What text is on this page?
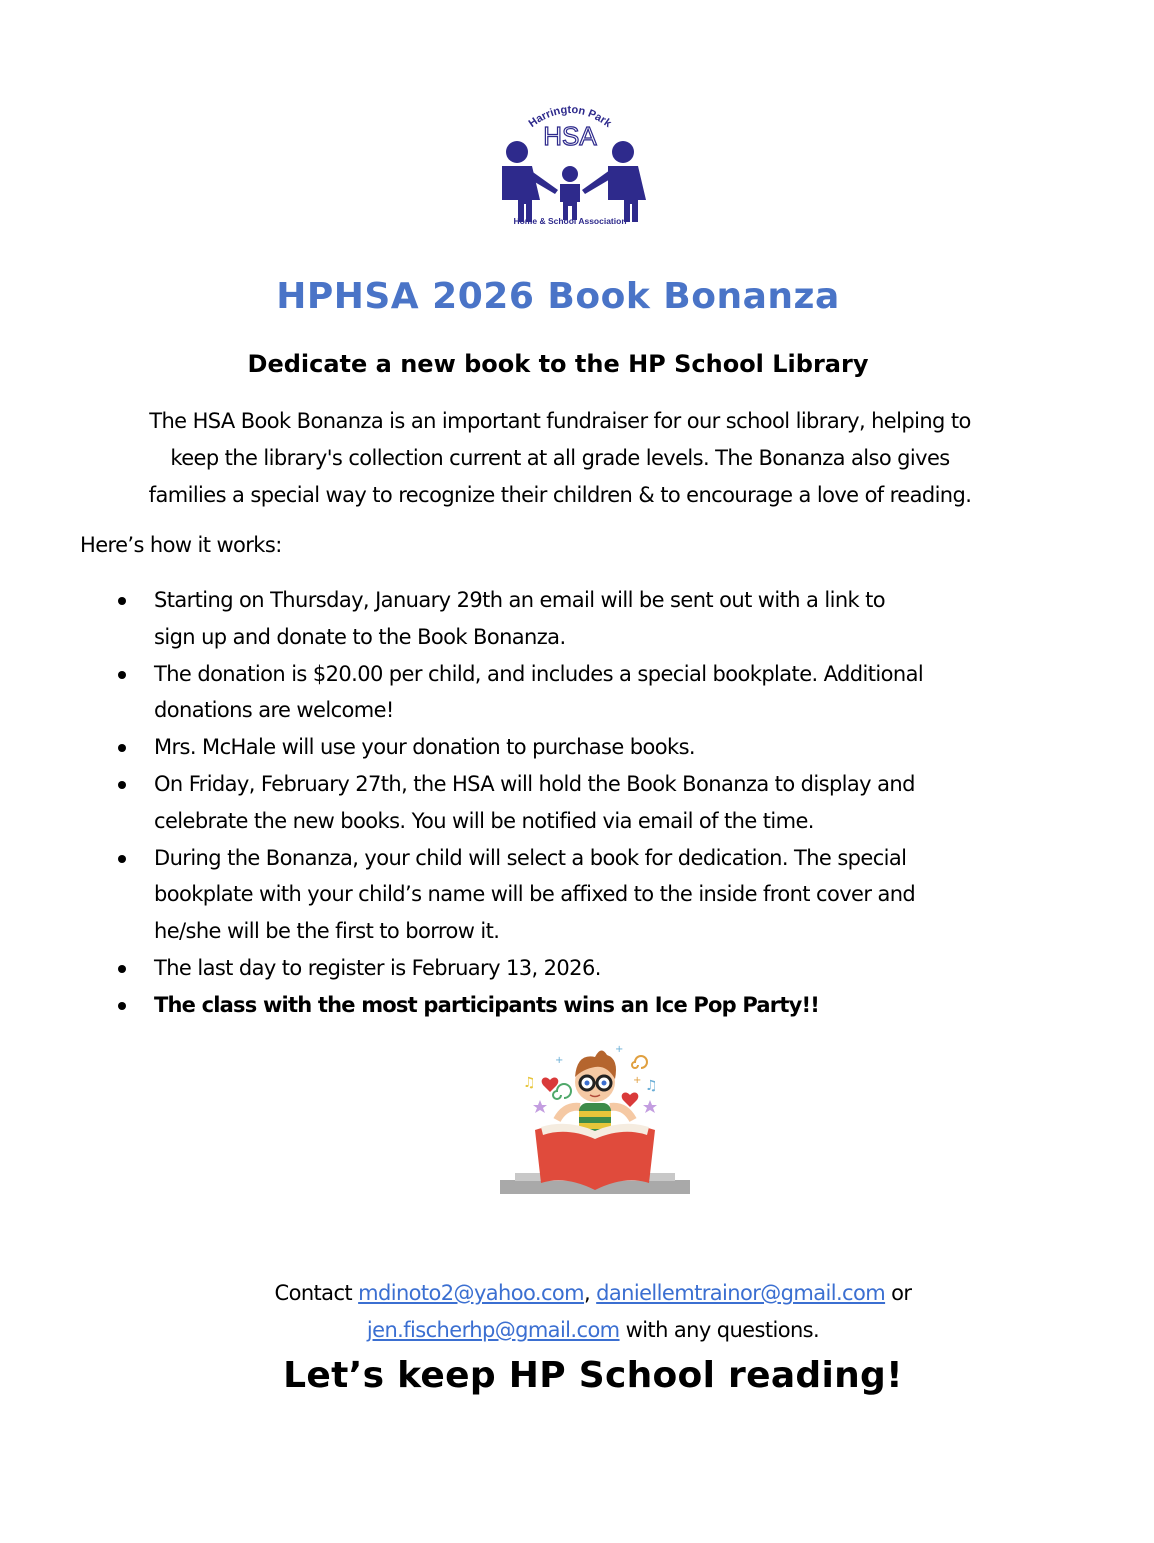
Harrington Park
HSA
Home & School Association
HPHSA 2026 Book Bonanza
Dedicate a new book to the HP School Library
The HSA Book Bonanza is an important fundraiser for our school library, helping to
keep the library's collection current at all grade levels. The Bonanza also gives
families a special way to recognize their children & to encourage a love of reading.
Here’s how it works:
Starting on Thursday, January 29th an email will be sent out with a link to
sign up and donate to the Book Bonanza.
The donation is $20.00 per child, and includes a special bookplate. Additional
donations are welcome!
Mrs. McHale will use your donation to purchase books.
On Friday, February 27th, the HSA will hold the Book Bonanza to display and
celebrate the new books. You will be notified via email of the time.
During the Bonanza, your child will select a book for dedication. The special
bookplate with your child’s name will be affixed to the inside front cover and
he/she will be the first to borrow it.
The last day to register is February 13, 2026.
The class with the most participants wins an Ice Pop Party!!
♫	♫
+
+
+
Contact mdinoto2@yahoo.com, daniellemtrainor@gmail.com or
jen.fischerhp@gmail.com with any questions.
Let’s keep HP School reading!
